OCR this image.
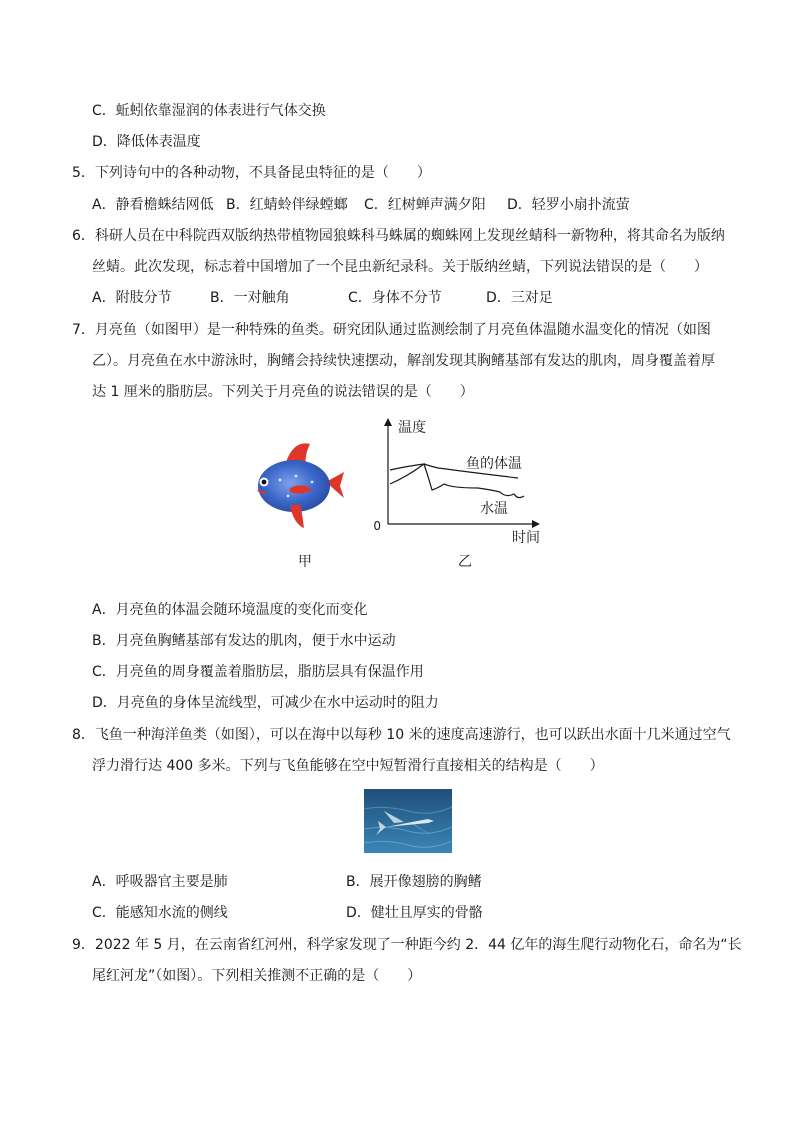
C．蚯蚓依靠湿润的体表进行气体交换
D．降低体表温度
5．下列诗句中的各种动物，不具备昆虫特征的是（　　）
A．静看檐蛛结网低 B．红蜻蛉伴绿螳螂 C．红树蝉声满夕阳 D．轻罗小扇扑流萤
6．科研人员在中科院西双版纳热带植物园狼蛛科马蛛属的蜘蛛网上发现丝蜻科一新物种，将其命名为版纳
丝蜻。此次发现，标志着中国增加了一个昆虫新纪录科。关于版纳丝蜻，下列说法错误的是（　　）
A．附肢分节	B．一对触角	C．身体不分节	D．三对足
7．月亮鱼（如图甲）是一种特殊的鱼类。研究团队通过监测绘制了月亮鱼体温随水温变化的情况（如图
乙）。月亮鱼在水中游泳时，胸鳍会持续快速摆动，解剖发现其胸鳍基部有发达的肌肉，周身覆盖着厚
达 1 厘米的脂肪层。下列关于月亮鱼的说法错误的是（　　）
甲
0
温度
时间
鱼的体温
水温
乙
A．月亮鱼的体温会随环境温度的变化而变化
B．月亮鱼胸鳍基部有发达的肌肉，便于水中运动
C．月亮鱼的周身覆盖着脂肪层，脂肪层具有保温作用
D．月亮鱼的身体呈流线型，可减少在水中运动时的阻力
8．飞鱼一种海洋鱼类（如图），可以在海中以每秒 10 米的速度高速游行，也可以跃出水面十几米通过空气
浮力滑行达 400 多米。下列与飞鱼能够在空中短暂滑行直接相关的结构是（　　）
A．呼吸器官主要是肺	B．展开像翅膀的胸鳍
C．能感知水流的侧线	D．健壮且厚实的骨骼
9．2022 年 5 月，在云南省红河州，科学家发现了一种距今约 2．44 亿年的海生爬行动物化石，命名为“长
尾红河龙”（如图）。下列相关推测不正确的是（　　）
